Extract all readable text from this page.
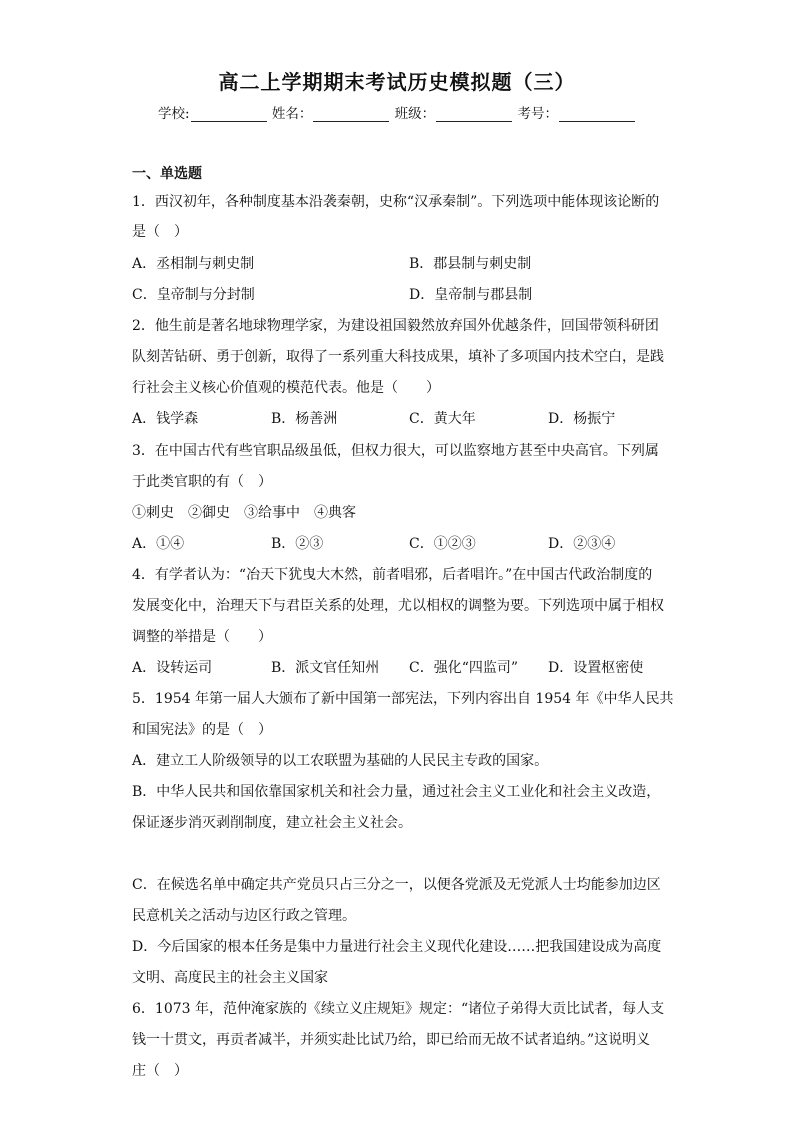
高二上学期期末考试历史模拟题（三）
学校:	姓名：	班级：	考号：
一、单选题
1．西汉初年，各种制度基本沿袭秦朝，史称“汉承秦制”。下列选项中能体现该论断的
是（　）
A．丞相制与刺史制	B．郡县制与刺史制
C．皇帝制与分封制	D．皇帝制与郡县制
2．他生前是著名地球物理学家，为建设祖国毅然放弃国外优越条件，回国带领科研团
队刻苦钻研、勇于创新，取得了一系列重大科技成果，填补了多项国内技术空白，是践
行社会主义核心价值观的模范代表。他是（　　）
A．钱学森	B．杨善洲	C．黄大年	D．杨振宁
3．在中国古代有些官职品级虽低，但权力很大，可以监察地方甚至中央高官。下列属
于此类官职的有（　）
①刺史　②御史　③给事中　④典客
A．①④	B．②③	C．①②③	D．②③④
4．有学者认为：“冶天下犹曳大木然，前者唱邪，后者唱许。”在中国古代政治制度的
发展变化中，治理天下与君臣关系的处理，尤以相权的调整为要。下列选项中属于相权
调整的举措是（　　）
A．设转运司	B．派文官任知州 C．强化“四监司” D．设置枢密使
5．1954 年第一届人大颁布了新中国第一部宪法，下列内容出自 1954 年《中华人民共
和国宪法》的是（　）
A．建立工人阶级领导的以工农联盟为基础的人民民主专政的国家。
B．中华人民共和国依靠国家机关和社会力量，通过社会主义工业化和社会主义改造，
保证逐步消灭剥削制度，建立社会主义社会。
C．在候选名单中确定共产党员只占三分之一，以便各党派及无党派人士均能参加边区
民意机关之活动与边区行政之管理。
D．今后国家的根本任务是集中力量进行社会主义现代化建设……把我国建设成为高度
文明、高度民主的社会主义国家
6．1073 年，范仲淹家族的《续立义庄规矩》规定：“诸位子弟得大贡比试者，每人支
钱一十贯文，再贡者减半，并须实赴比试乃给，即已给而无故不试者追纳。”这说明义
庄（　）
